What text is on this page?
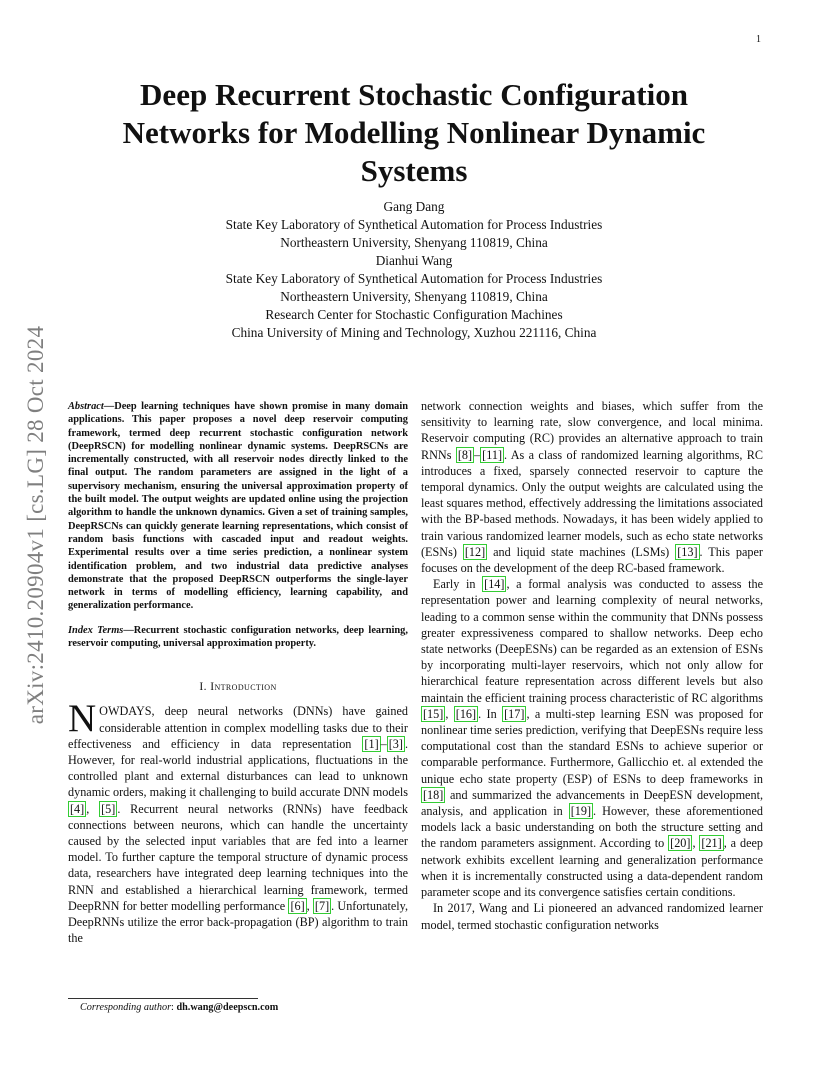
1
arXiv:2410.20904v1 [cs.LG] 28 Oct 2024
Deep Recurrent Stochastic Configuration
Networks for Modelling Nonlinear Dynamic
Systems
Gang Dang
State Key Laboratory of Synthetical Automation for Process Industries
Northeastern University, Shenyang 110819, China
Dianhui Wang
State Key Laboratory of Synthetical Automation for Process Industries
Northeastern University, Shenyang 110819, China
Research Center for Stochastic Configuration Machines
China University of Mining and Technology, Xuzhou 221116, China

Abstract—Deep learning techniques have shown promise in many domain applications. This paper proposes a novel deep reservoir computing framework, termed deep recurrent stochastic configuration network (DeepRSCN) for modelling nonlinear dynamic systems. DeepRSCNs are incrementally constructed, with all reservoir nodes directly linked to the final output. The random parameters are assigned in the light of a supervisory mechanism, ensuring the universal approximation property of the built model. The output weights are updated online using the projection algorithm to handle the unknown dynamics. Given a set of training samples, DeepRSCNs can quickly generate learning representations, which consist of random basis functions with cascaded input and readout weights. Experimental results over a time series prediction, a nonlinear system identification problem, and two industrial data predictive analyses demonstrate that the proposed DeepRSCN outperforms the single-layer network in terms of modelling efficiency, learning capability, and generalization performance.

Index Terms—Recurrent stochastic configuration networks, deep learning, reservoir computing, universal approximation property.
I. Introduction

NOWDAYS, deep neural networks (DNNs) have gained considerable attention in complex modelling tasks due to their effectiveness and efficiency in data representation [1] – [3] . However, for real-world industrial applications, fluctuations in the controlled plant and external disturbances can lead to unknown dynamic orders, making it challenging to build accurate DNN models [4] , [5] . Recurrent neural networks (RNNs) have feedback connections between neurons, which can handle the uncertainty caused by the selected input variables that are fed into a learner model. To further capture the temporal structure of dynamic process data, researchers have integrated deep learning techniques into the RNN and established a hierarchical learning framework, termed DeepRNN for better modelling performance [6] , [7] . Unfortunately, DeepRNNs utilize the error back-propagation (BP) algorithm to train the

network connection weights and biases, which suffer from the sensitivity to learning rate, slow convergence, and local minima. Reservoir computing (RC) provides an alternative approach to train RNNs [8] – [11] . As a class of randomized learning algorithms, RC introduces a fixed, sparsely connected reservoir to capture the temporal dynamics. Only the output weights are calculated using the least squares method, effectively addressing the limitations associated with the BP-based methods. Nowadays, it has been widely applied to train various randomized learner models, such as echo state networks (ESNs) [12] and liquid state machines (LSMs) [13] . This paper focuses on the development of the deep RC-based framework.

Early in [14] , a formal analysis was conducted to assess the representation power and learning complexity of neural networks, leading to a common sense within the community that DNNs possess greater expressiveness compared to shallow networks. Deep echo state networks (DeepESNs) can be regarded as an extension of ESNs by incorporating multi-layer reservoirs, which not only allow for hierarchical feature representation across different levels but also maintain the efficient training process characteristic of RC algorithms [15] , [16] . In [17] , a multi-step learning ESN was proposed for nonlinear time series prediction, verifying that DeepESNs require less computational cost than the standard ESNs to achieve superior or comparable performance. Furthermore, Gallicchio et. al extended the unique echo state property (ESP) of ESNs to deep frameworks in [18] and summarized the advancements in DeepESN development, analysis, and application in [19] . However, these aforementioned models lack a basic understanding on both the structure setting and the random parameters assignment. According to [20] , [21] , a deep network exhibits excellent learning and generalization performance when it is incrementally constructed using a data-dependent random parameter scope and its convergence satisfies certain conditions.

In 2017, Wang and Li pioneered an advanced randomized learner model, termed stochastic configuration networks

Corresponding author: dh.wang@deepscn.com
